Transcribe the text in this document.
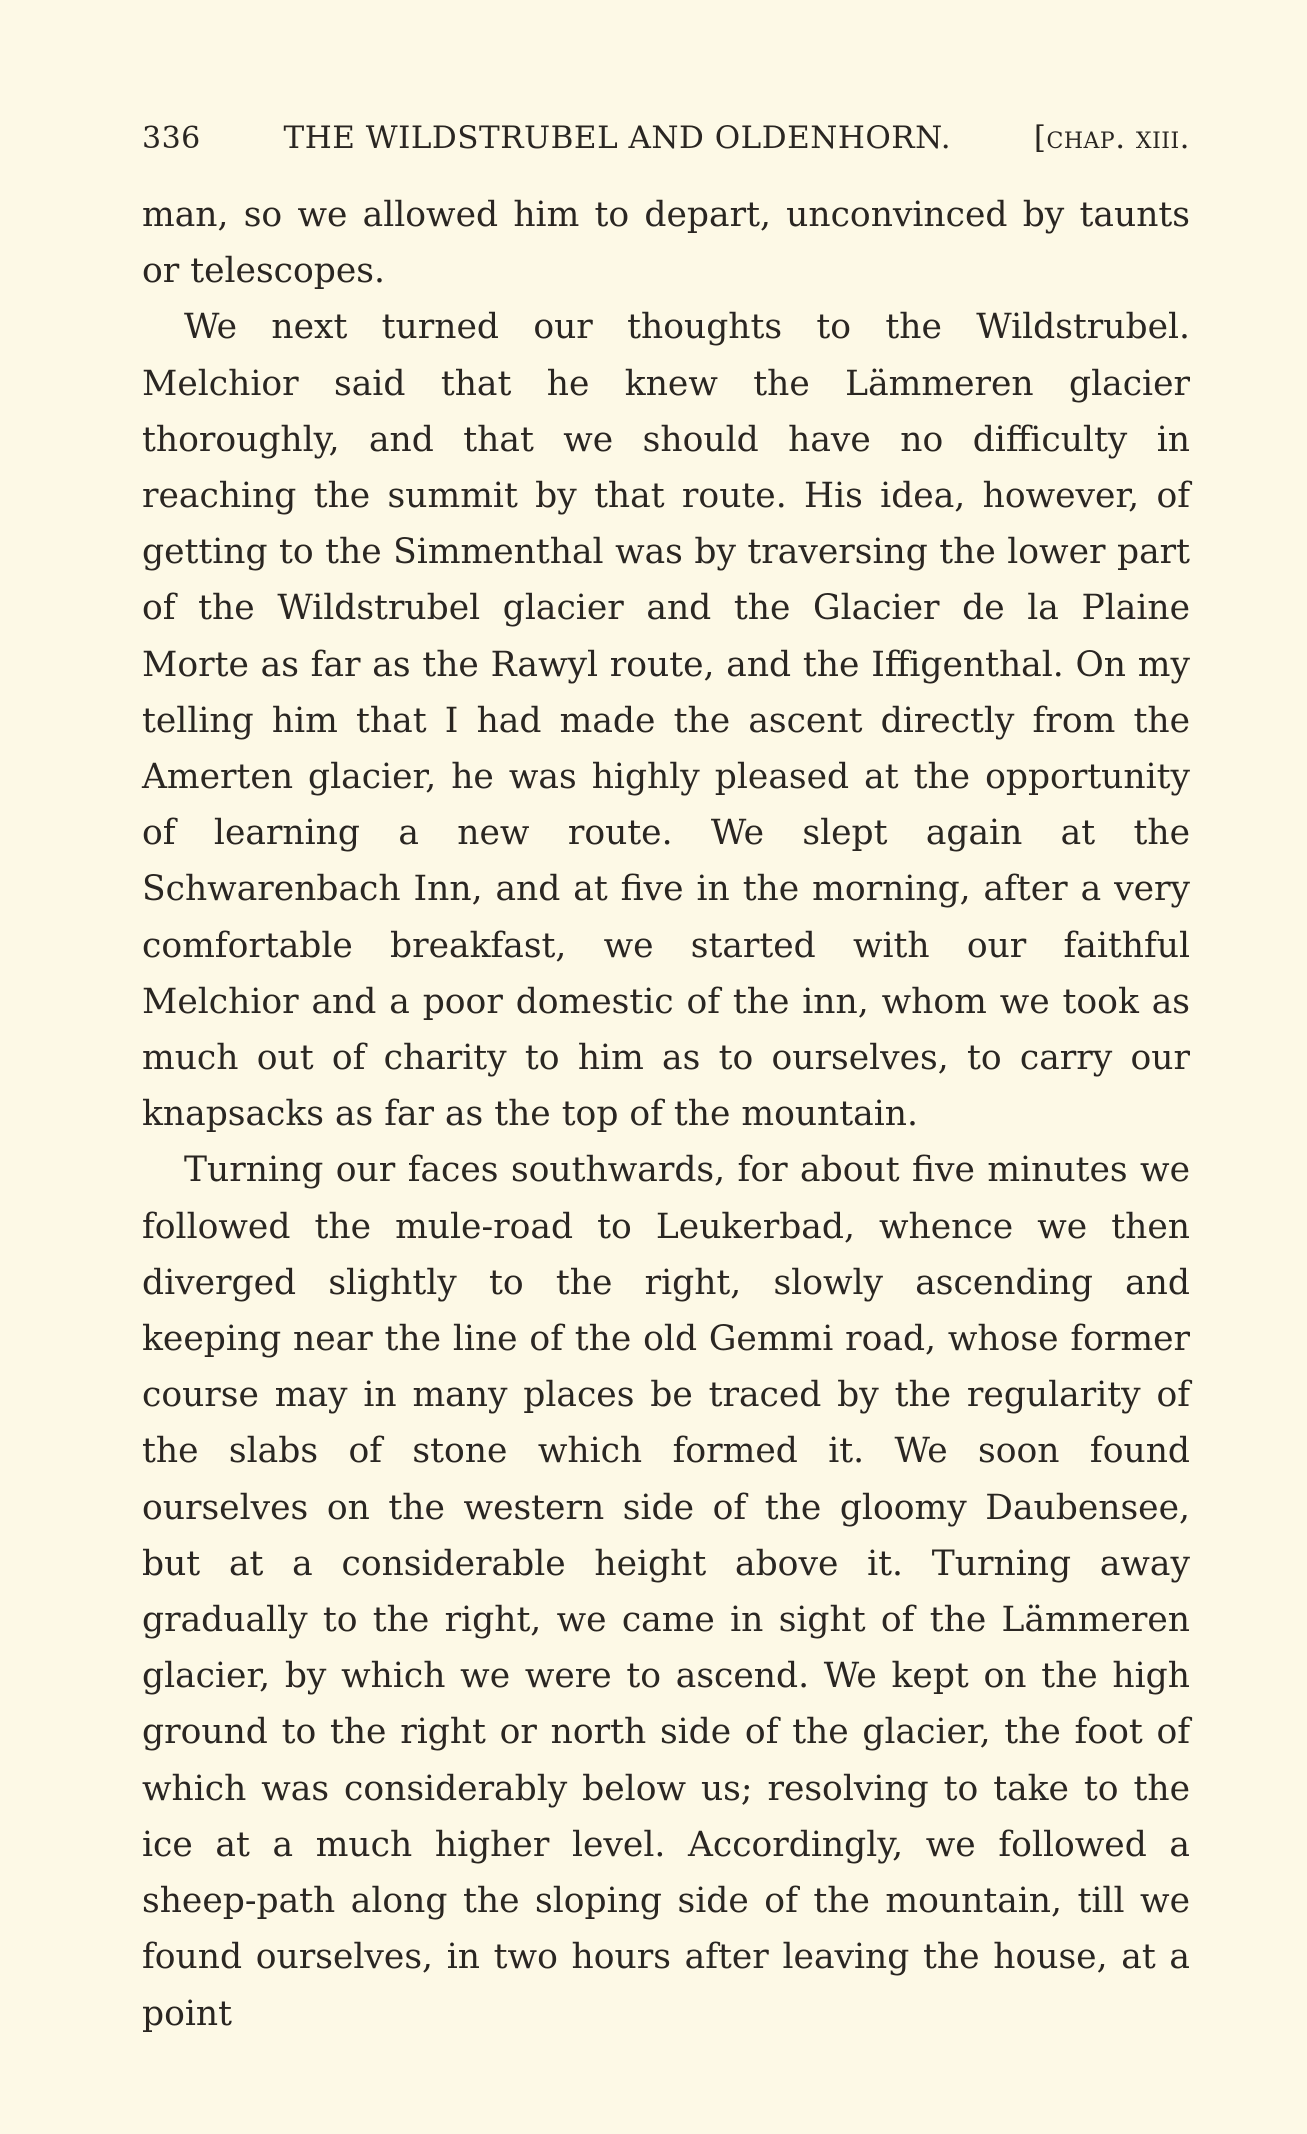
336	THE WILDSTRUBEL AND OLDENHORN.	[chap. xiii.

man, so we allowed him to depart, unconvinced by taunts or telescopes.

We next turned our thoughts to the Wildstrubel. Melchior said that he knew the Lämmeren glacier thoroughly, and that we should have no difficulty in reaching the summit by that route. His idea, however, of getting to the Simmenthal was by traversing the lower part of the Wildstrubel glacier and the Glacier de la Plaine Morte as far as the Rawyl route, and the Iffigenthal. On my telling him that I had made the ascent directly from the Amerten glacier, he was highly pleased at the opportunity of learning a new route. We slept again at the Schwarenbach Inn, and at five in the morning, after a very comfortable breakfast, we started with our faithful Melchior and a poor domestic of the inn, whom we took as much out of charity to him as to ourselves, to carry our knapsacks as far as the top of the mountain.

Turning our faces southwards, for about five minutes we followed the mule-road to Leukerbad, whence we then diverged slightly to the right, slowly ascending and keeping near the line of the old Gemmi road, whose former course may in many places be traced by the regularity of the slabs of stone which formed it. We soon found ourselves on the western side of the gloomy Daubensee, but at a considerable height above it. Turning away gradually to the right, we came in sight of the Lämmeren glacier, by which we were to ascend. We kept on the high ground to the right or north side of the glacier, the foot of which was considerably below us; resolving to take to the ice at a much higher level. Accordingly, we followed a sheep-path along the sloping side of the mountain, till we found ourselves, in two hours after leaving the house, at a point
